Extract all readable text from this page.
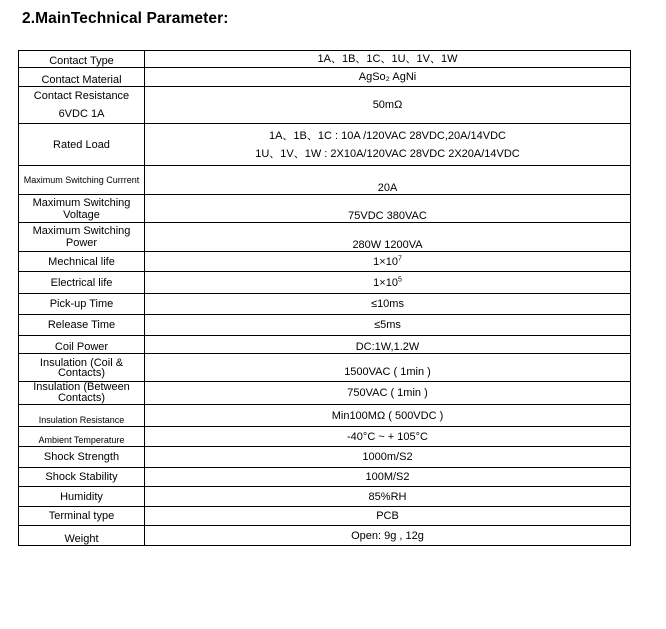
2.MainTechnical Parameter:
Contact Type	1A、1B、1C、1U、1V、1W
Contact Material	AgSo₂ AgNi

Contact Resistance
6VDC 1A	50mΩ
Rated Load	1A、1B、1C : 10A /120VAC 28VDC,20A/14VDC
1U、1V、1W : 2X10A/120VAC 28VDC 2X20A/14VDC

Maximum Switching Currrent	20A
Maximum Switching Voltage	75VDC 380VAC
Maximum Switching Power	280W 1200VA
Mechnical life	$1\times 10^7$
Electrical life	$1\times 10^5$
Pick-up Time	≤10ms
Release Time	≤5ms
Coil Power	DC:1W,1.2W
Insulation (Coil & Contacts)	1500VAC ( 1min )
Insulation (Between Contacts)	750VAC ( 1min )
Insulation Resistance	Min100MΩ ( 500VDC )
Ambient Temperature	-40°C ~ + 105°C
Shock Strength	1000m/S2
Shock Stability	100M/S2
Humidity	85%RH
Terminal type	PCB
Weight	Open: 9g , 12g
